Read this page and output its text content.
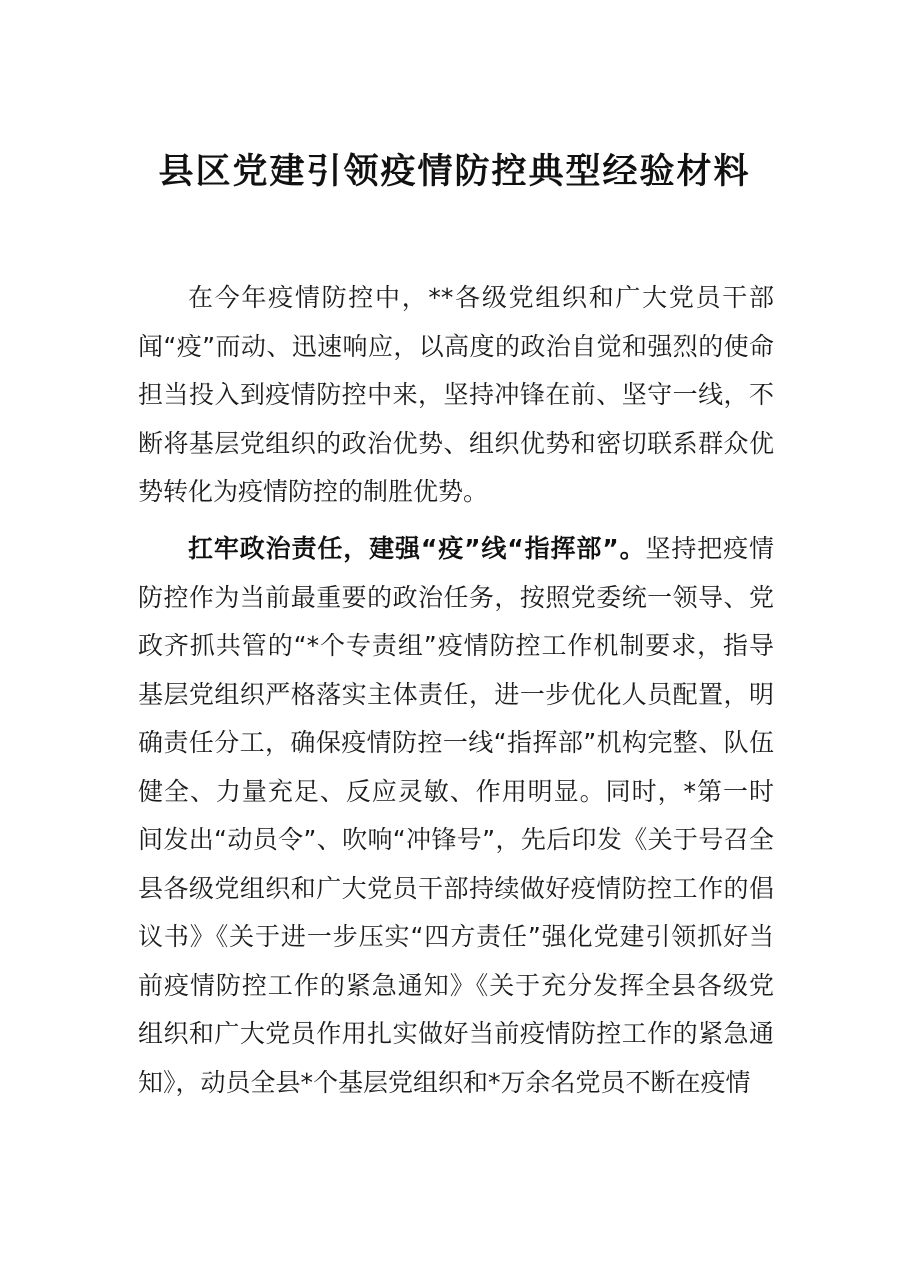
县区党建引领疫情防控典型经验材料

在今年疫情防控中，**各级党组织和广大党员干部闻“疫”而动、迅速响应，以高度的政治自觉和强烈的使命担当投入到疫情防控中来，坚持冲锋在前、坚守一线，不断将基层党组织的政治优势、组织优势和密切联系群众优势转化为疫情防控的制胜优势。

扛牢政治责任，建强“疫”线“指挥部”。坚持把疫情防控作为当前最重要的政治任务，按照党委统一领导、党政齐抓共管的“*个专责组”疫情防控工作机制要求，指导基层党组织严格落实主体责任，进一步优化人员配置，明确责任分工，确保疫情防控一线“指挥部”机构完整、队伍健全、力量充足、反应灵敏、作用明显。同时，*第一时间发出“动员令”、吹响“冲锋号”，先后印发《关于号召全县各级党组织和广大党员干部持续做好疫情防控工作的倡议书》《关于进一步压实“四方责任”强化党建引领抓好当前疫情防控工作的紧急通知》《关于充分发挥全县各级党组织和广大党员作用扎实做好当前疫情防控工作的紧急通知》，动员全县*个基层党组织和*万余名党员不断在疫情
